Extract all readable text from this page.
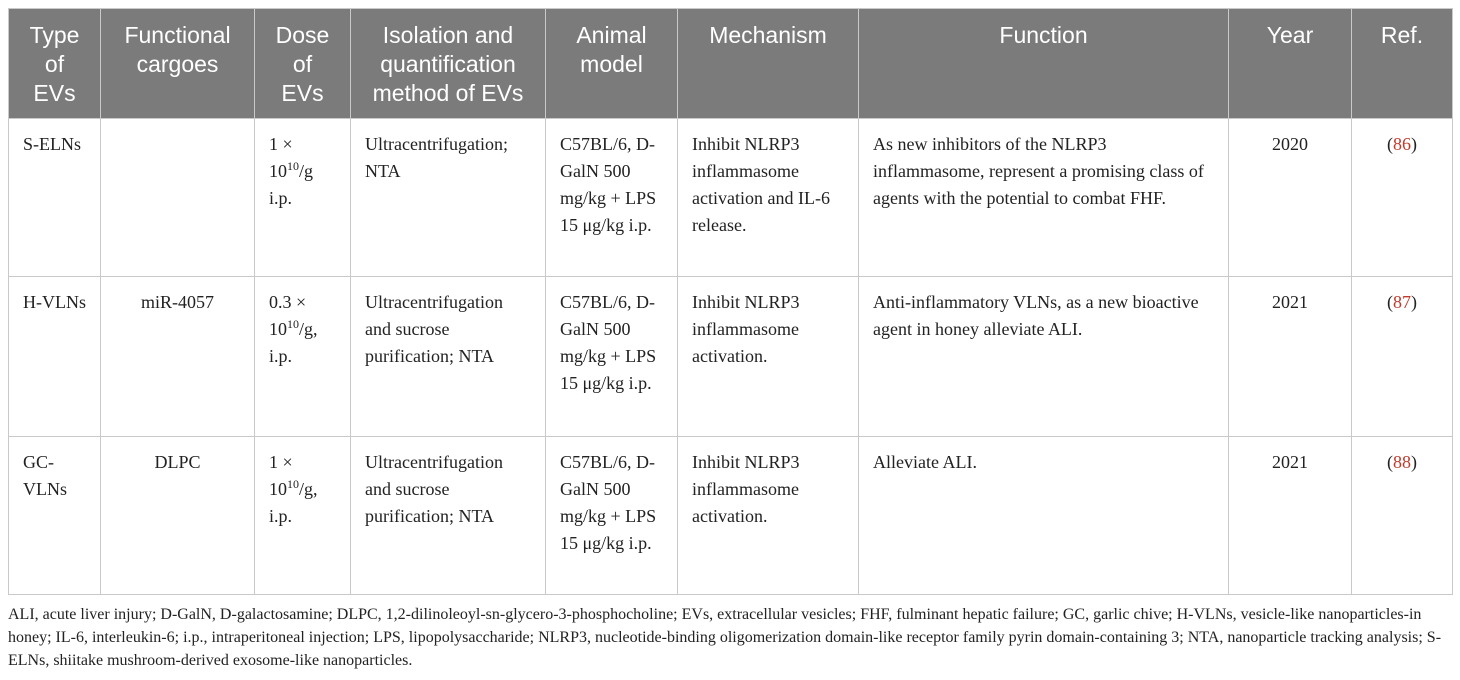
Type of EVs	Functional cargoes	Dose of EVs	Isolation and quantification method of EVs	Animal model	Mechanism	Function	Year	Ref.
S-ELNs		$1 \times 10^{10}/g$ i.p.	Ultracentrifugation; NTA	C57BL/6, D-GalN 500 mg/kg + LPS 15 μg/kg i.p.	Inhibit NLRP3 inflammasome activation and IL-6 release.	As new inhibitors of the NLRP3 inflammasome, represent a promising class of agents with the potential to combat FHF.	2020	(86)
H-VLNs	miR-4057	$0.3 \times 10^{10}/g$, i.p.	Ultracentrifugation and sucrose purification; NTA	C57BL/6, D-GalN 500 mg/kg + LPS 15 μg/kg i.p.	Inhibit NLRP3 inflammasome activation.	Anti-inflammatory VLNs, as a new bioactive agent in honey alleviate ALI.	2021	(87)
GC-VLNs	DLPC	$1 \times 10^{10}/g$, i.p.	Ultracentrifugation and sucrose purification; NTA	C57BL/6, D-GalN 500 mg/kg + LPS 15 μg/kg i.p.	Inhibit NLRP3 inflammasome activation.	Alleviate ALI.	2021	(88)
ALI, acute liver injury; D-GalN, D-galactosamine; DLPC, 1,2-dilinoleoyl-sn-glycero-3-phosphocholine; EVs, extracellular vesicles; FHF, fulminant hepatic failure; GC, garlic chive; H-VLNs, vesicle-like nanoparticles-in honey; IL-6, interleukin-6; i.p., intraperitoneal injection; LPS, lipopolysaccharide; NLRP3, nucleotide-binding oligomerization domain-like receptor family pyrin domain-containing 3; NTA, nanoparticle tracking analysis; S-ELNs, shiitake mushroom-derived exosome-like nanoparticles.
